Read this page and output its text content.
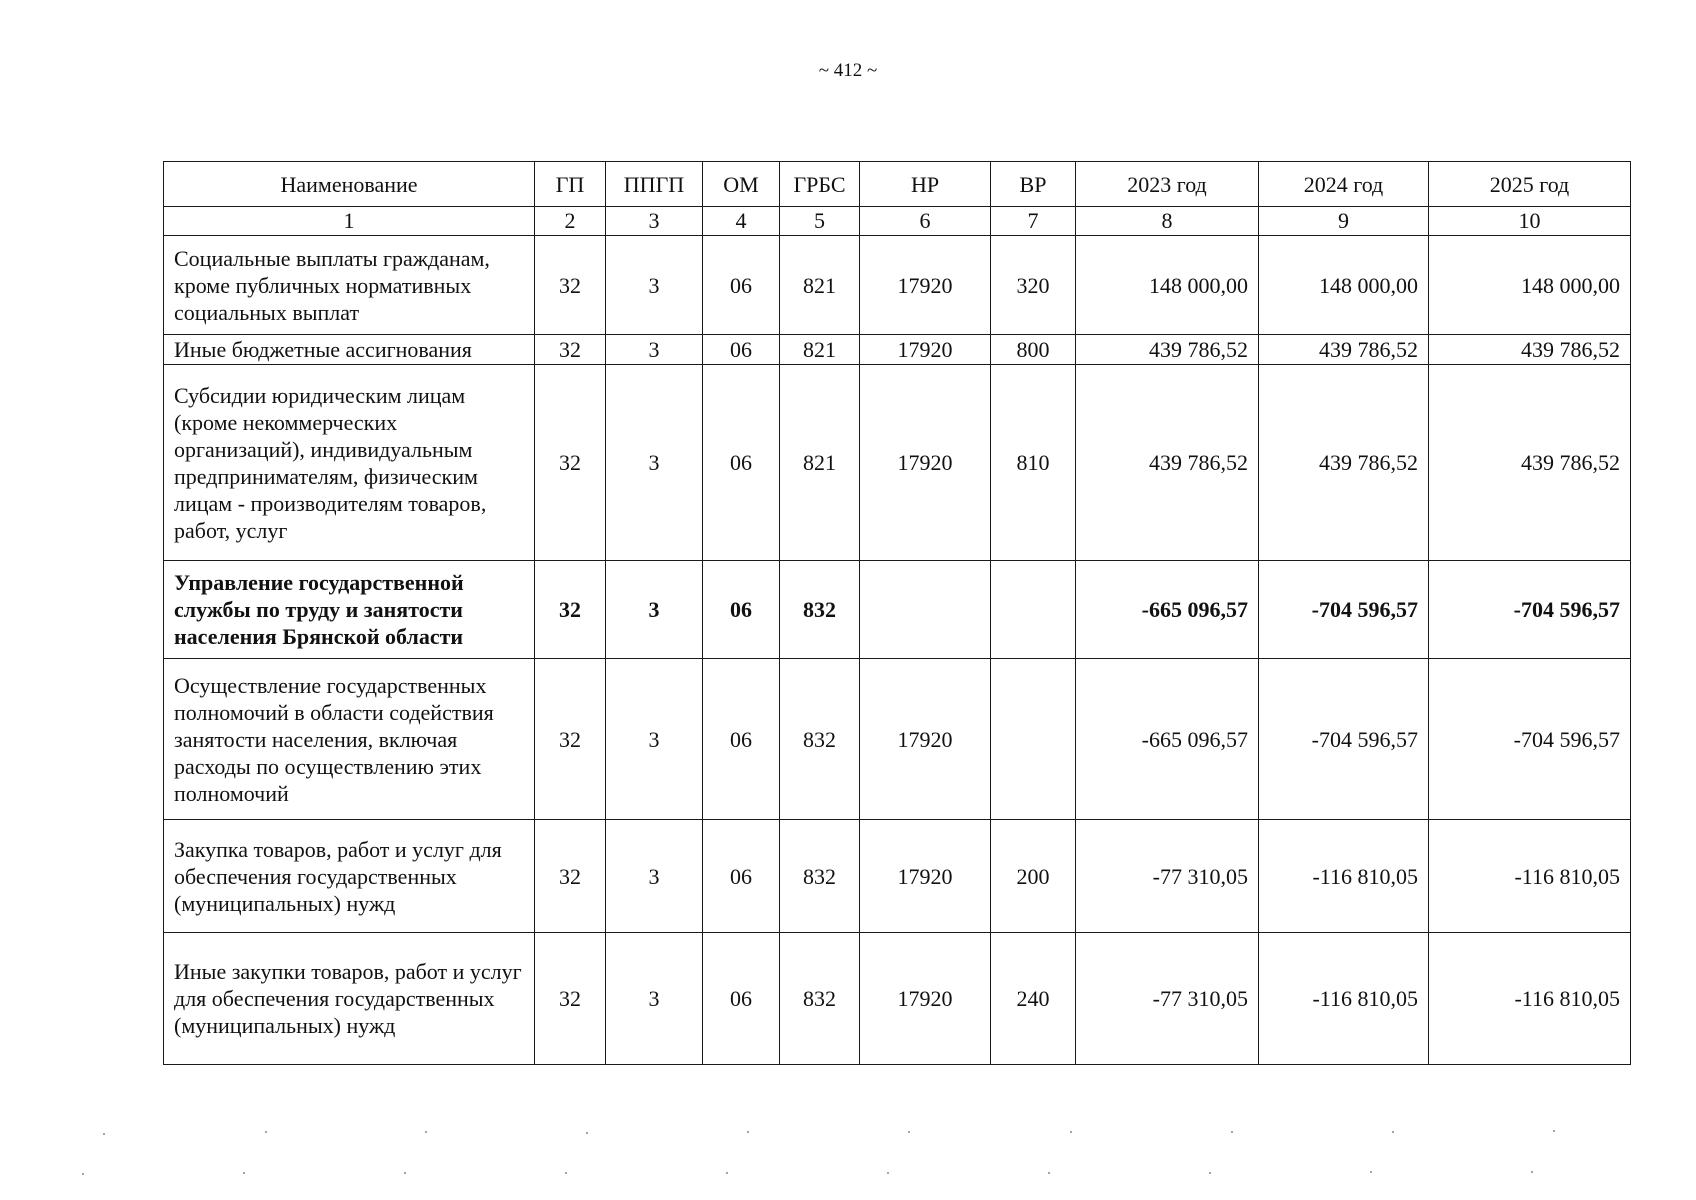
~ 412 ~
Наименование	ГП	ППГП	ОМ	ГРБС	НР	ВР	2023 год	2024 год	2025 год
1	2	3	4	5	6	7	8	9	10
Социальные выплаты гражданам, кроме публичных нормативных социальных выплат	32	3	06	821	17920	320	148 000,00	148 000,00	148 000,00
Иные бюджетные ассигнования	32	3	06	821	17920	800	439 786,52	439 786,52	439 786,52
Субсидии юридическим лицам (кроме некоммерческих организаций), индивидуальным предпринимателям, физическим лицам - производителям товаров, работ, услуг	32	3	06	821	17920	810	439 786,52	439 786,52	439 786,52
Управление государственной службы по труду и занятости населения Брянской области	32	3	06	832			-665 096,57	-704 596,57	-704 596,57
Осуществление государственных полномочий в области содействия занятости населения, включая расходы по осуществлению этих полномочий	32	3	06	832	17920		-665 096,57	-704 596,57	-704 596,57
Закупка товаров, работ и услуг для обеспечения государственных (муниципальных) нужд	32	3	06	832	17920	200	-77 310,05	-116 810,05	-116 810,05
Иные закупки товаров, работ и услуг для обеспечения государственных (муниципальных) нужд	32	3	06	832	17920	240	-77 310,05	-116 810,05	-116 810,05
